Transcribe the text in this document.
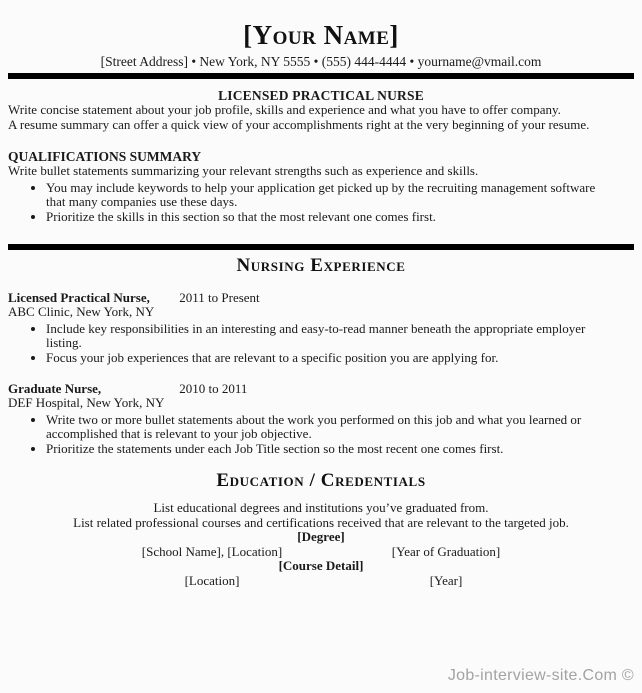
[Your Name]
[Street Address] • New York, NY 5555 • (555) 444-4444 • yourname@vmail.com
LICENSED PRACTICAL NURSE

Write concise statement about your job profile, skills and experience and what you have to offer company.

A resume summary can offer a quick view of your accomplishments right at the very beginning of your resume.

QUALIFICATIONS SUMMARY

Write bullet statements summarizing your relevant strengths such as experience and skills.

• You may include keywords to help your application get picked up by the recruiting management software that many companies use these days.
• Prioritize the skills in this section so that the most relevant one comes first.
Nursing Experience
Licensed Practical Nurse, 2011 to Present
ABC Clinic, New York, NY
• Include key responsibilities in an interesting and easy-to-read manner beneath the appropriate employer listing.
• Focus your job experiences that are relevant to a specific position you are applying for.
Graduate Nurse,	2010 to 2011
DEF Hospital, New York, NY
• Write two or more bullet statements about the work you performed on this job and what you learned or accomplished that is relevant to your job objective.
• Prioritize the statements under each Job Title section so the most recent one comes first.
Education / Credentials
List educational degrees and institutions you’ve graduated from.
List related professional courses and certifications received that are relevant to the targeted job.
[Degree]
[School Name], [Location]	[Year of Graduation]
[Course Detail]
[Location]	[Year]
Job-interview-site.Com ©
